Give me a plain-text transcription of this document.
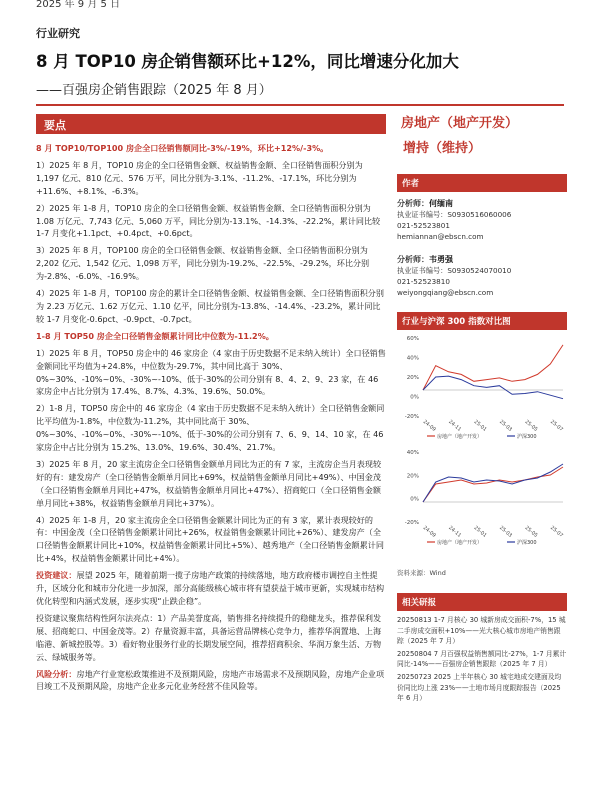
2025 年 9 月 5 日
行业研究
8 月 TOP10 房企销售额环比+12%，同比增速分化加大
——百强房企销售跟踪（2025 年 8 月）
要点

8 月 TOP10/TOP100 房企全口径销售额同比-3%/-19%，环比+12%/-3%。

1）2025 年 8 月，TOP10 房企的全口径销售金额、权益销售金额、全口径销售面积分别为 1,197 亿元、810 亿元、576 万平，同比分别为-3.1%、-11.2%、-17.1%，环比分别为+11.6%、+8.1%、-6.3%。

2）2025 年 1-8 月，TOP10 房企的全口径销售金额、权益销售金额、全口径销售面积分别为 1.08 万亿元、7,743 亿元、5,060 万平，同比分别为-13.1%、-14.3%、-22.2%，累计同比较 1-7 月变化+1.1pct、+0.4pct、+0.6pct。

3）2025 年 8 月，TOP100 房企的全口径销售金额、权益销售金额、全口径销售面积分别为 2,202 亿元、1,542 亿元、1,098 万平，同比分别为-19.2%、-22.5%、-29.2%，环比分别为-2.8%、-6.0%、-16.9%。

4）2025 年 1-8 月，TOP100 房企的累计全口径销售金额、权益销售金额、全口径销售面积分别为 2.23 万亿元、1.62 万亿元、1.10 亿平，同比分别为-13.8%、-14.4%、-23.2%，累计同比较 1-7 月变化-0.6pct、-0.9pct、-0.7pct。

1-8 月 TOP50 房企全口径销售金额累计同比中位数为-11.2%。

1）2025 年 8 月，TOP50 房企中的 46 家房企（4 家由于历史数据不足未纳入统计）全口径销售金额同比平均值为+24.8%，中位数为-29.7%，其中同比高于 30%、0%~30%、-10%~0%、-30%~-10%、低于-30%的公司分别有 8、4、2、9、23 家，在 46 家房企中占比分别为 17.4%、8.7%、4.3%、19.6%、50.0%。

2）1-8 月，TOP50 房企中的 46 家房企（4 家由于历史数据不足未纳入统计）全口径销售金额同比平均值为-1.8%，中位数为-11.2%，其中同比高于 30%、0%~30%、-10%~0%、-30%~-10%、低于-30%的公司分别有 7、6、9、14、10 家，在 46 家房企中占比分别为 15.2%、13.0%、19.6%、30.4%、21.7%。

3）2025 年 8 月，20 家主流房企全口径销售金额单月同比为正的有 7 家，主流房企当月表现较好的有：建发房产（全口径销售金额单月同比+69%，权益销售金额单月同比+49%）、中国金茂（全口径销售金额单月同比+47%，权益销售金额单月同比+47%）、招商蛇口（全口径销售金额单月同比+38%，权益销售金额单月同比+37%）。

4）2025 年 1-8 月，20 家主流房企全口径销售金额累计同比为正的有 3 家，累计表现较好的有：中国金茂（全口径销售金额累计同比+26%，权益销售金额累计同比+26%）、建发房产（全口径销售金额累计同比+10%，权益销售金额累计同比+5%）、越秀地产（全口径销售金额累计同比+4%，权益销售金额累计同比+4%）。

投资建议：展望 2025 年，随着前期一揽子房地产政策的持续落地，地方政府楼市调控自主性提升，区域分化和城市分化进一步加深，部分高能级核心城市将有望获益于城市更新，实现城市结构优化转型和内涵式发展，逐步实现“止跌企稳”。

投资建议聚焦结构性阿尔法亮点：1）产品美誉度高，销售排名持续提升的稳健龙头，推荐保利发展、招商蛇口、中国金茂等。2）存量资源丰富，具备运营品牌核心竞争力，推荐华润置地、上海临港、新城控股等。3）看好物业服务行业的长期发展空间，推荐招商积余、华润万象生活、万物云、绿城服务等。

风险分析：房地产行业宽松政策推进不及预期风险，房地产市场需求不及预期风险，房地产企业项目竣工不及预期风险，房地产企业多元化业务经营不佳风险等。

房地产（地产开发）
增持（维持）
作者
分析师：何缅南
执业证书编号：S0930516060006
021-52523801
hemiannan@ebscn.com
分析师：韦勇强
执业证书编号：S0930524070010
021-52523810
weiyongqiang@ebscn.com
行业与沪深 300 指数对比图
60%
40%
20%
0%
-20%
24-09 24-11 25-01 25-03 25-05 25-07
房地产（地产开发）	沪深300
40%
20%
0%
-20%
24-09 24-11 25-01 25-03 25-05 25-07
房地产（地产开发）	沪深300
资料来源：Wind
相关研报
20250813 1-7 月核心 30 城新房成交面积-7%，15 城二手房成交面积+10%——光大核心城市房地产销售跟踪（2025 年 7 月）
20250804 7 月百强权益销售额同比-27%，1-7 月累计同比-14%——百强房企销售跟踪（2025 年 7 月）
20250723 2025 上半年核心 30 城宅地成交建面及均价同比均上涨 23%——土地市场月度跟踪报告（2025 年 6 月）
